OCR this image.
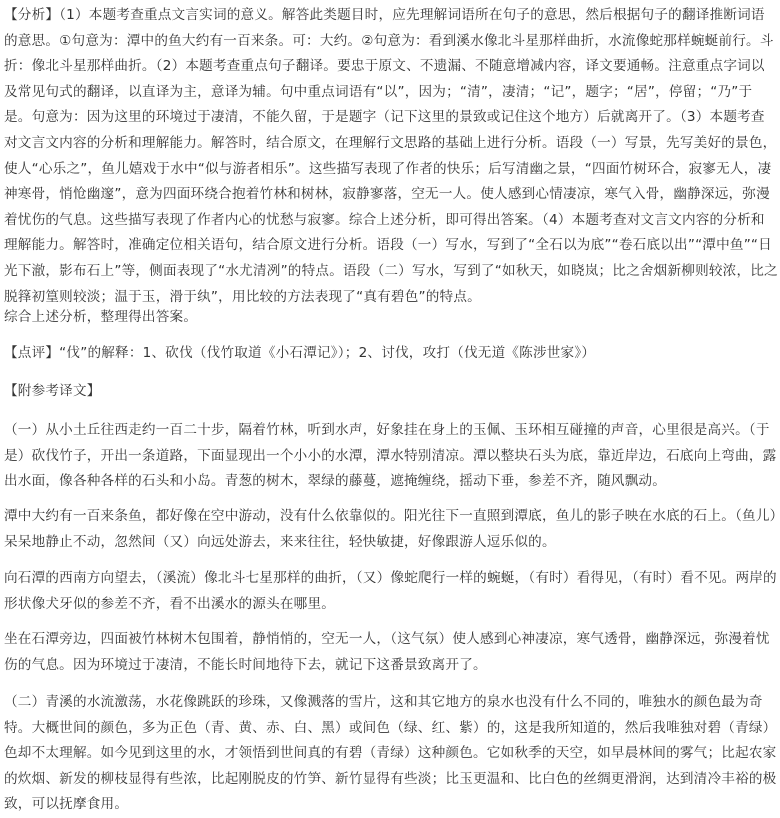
【分析】（1）本题考查重点文言实词的意义。解答此类题目时，应先理解词语所在句子的意思，然后根据句子的翻译推断词语的意思。①句意为：潭中的鱼大约有一百来条。可：大约。②句意为：看到溪水像北斗星那样曲折，水流像蛇那样蜿蜒前行。斗折：像北斗星那样曲折。（2）本题考查重点句子翻译。要忠于原文、不遗漏、不随意增减内容，译文要通畅。注意重点字词以及常见句式的翻译，以直译为主，意译为辅。句中重点词语有“以”，因为；“清”，凄清；“记”，题字；“居”，停留；“乃”于是。句意为：因为这里的环境过于凄清，不能久留，于是题字（记下这里的景致或记住这个地方）后就离开了。（3）本题考查对文言文内容的分析和理解能力。解答时，结合原文，在理解行文思路的基础上进行分析。语段（一）写景，先写美好的景色，使人“心乐之”，鱼儿嬉戏于水中“似与游者相乐”。这些描写表现了作者的快乐；后写清幽之景，“四面竹树环合，寂寥无人，凄神寒骨，悄怆幽邃”，意为四面环绕合抱着竹林和树林，寂静寥落，空无一人。使人感到心情凄凉，寒气入骨，幽静深远，弥漫着忧伤的气息。这些描写表现了作者内心的忧愁与寂寥。综合上述分析，即可得出答案。（4）本题考查对文言文内容的分析和理解能力。解答时，准确定位相关语句，结合原文进行分析。语段（一）写水，写到了“全石以为底”“卷石底以出”“潭中鱼”“日光下澈，影布石上”等，侧面表现了“水尤清冽”的特点。语段（二）写水，写到了“如秋天，如晓岚；比之舍烟新柳则较浓，比之脱箨初篁则较淡；温于玉，滑于纨”，用比较的方法表现了“真有碧色”的特点。

综合上述分析，整理得出答案。

【点评】“伐”的解释：1、砍伐（伐竹取道《小石潭记》）；2、讨伐，攻打（伐无道《陈涉世家》）

【附参考译文】

（一）从小土丘往西走约一百二十步，隔着竹林，听到水声，好象挂在身上的玉佩、玉环相互碰撞的声音，心里很是高兴。（于是）砍伐竹子，开出一条道路，下面显现出一个小小的水潭，潭水特别清凉。潭以整块石头为底，靠近岸边，石底向上弯曲，露出水面，像各种各样的石头和小岛。青葱的树木，翠绿的藤蔓，遮掩缠绕，摇动下垂，参差不齐，随风飘动。

潭中大约有一百来条鱼，都好像在空中游动，没有什么依靠似的。阳光往下一直照到潭底，鱼儿的影子映在水底的石上。（鱼儿）呆呆地静止不动，忽然间（又）向远处游去，来来往往，轻快敏捷，好像跟游人逗乐似的。

向石潭的西南方向望去，（溪流）像北斗七星那样的曲折，（又）像蛇爬行一样的蜿蜒，（有时）看得见，（有时）看不见。两岸的形状像犬牙似的参差不齐，看不出溪水的源头在哪里。

坐在石潭旁边，四面被竹林树木包围着，静悄悄的，空无一人，（这气氛）使人感到心神凄凉，寒气透骨，幽静深远，弥漫着忧伤的气息。因为环境过于凄清，不能长时间地待下去，就记下这番景致离开了。

（二）青溪的水流激荡，水花像跳跃的珍珠，又像溅落的雪片，这和其它地方的泉水也没有什么不同的，唯独水的颜色最为奇特。大概世间的颜色，多为正色（青、黄、赤、白、黑）或间色（绿、红、紫）的，这是我所知道的，然后我唯独对碧（青绿）色却不太理解。如今见到这里的水，才领悟到世间真的有碧（青绿）这种颜色。它如秋季的天空，如早晨林间的雾气；比起农家的炊烟、新发的柳枝显得有些浓，比起刚脱皮的竹笋、新竹显得有些淡；比玉更温和、比白色的丝绸更滑润，达到清冷丰裕的极致，可以抚摩食用。
